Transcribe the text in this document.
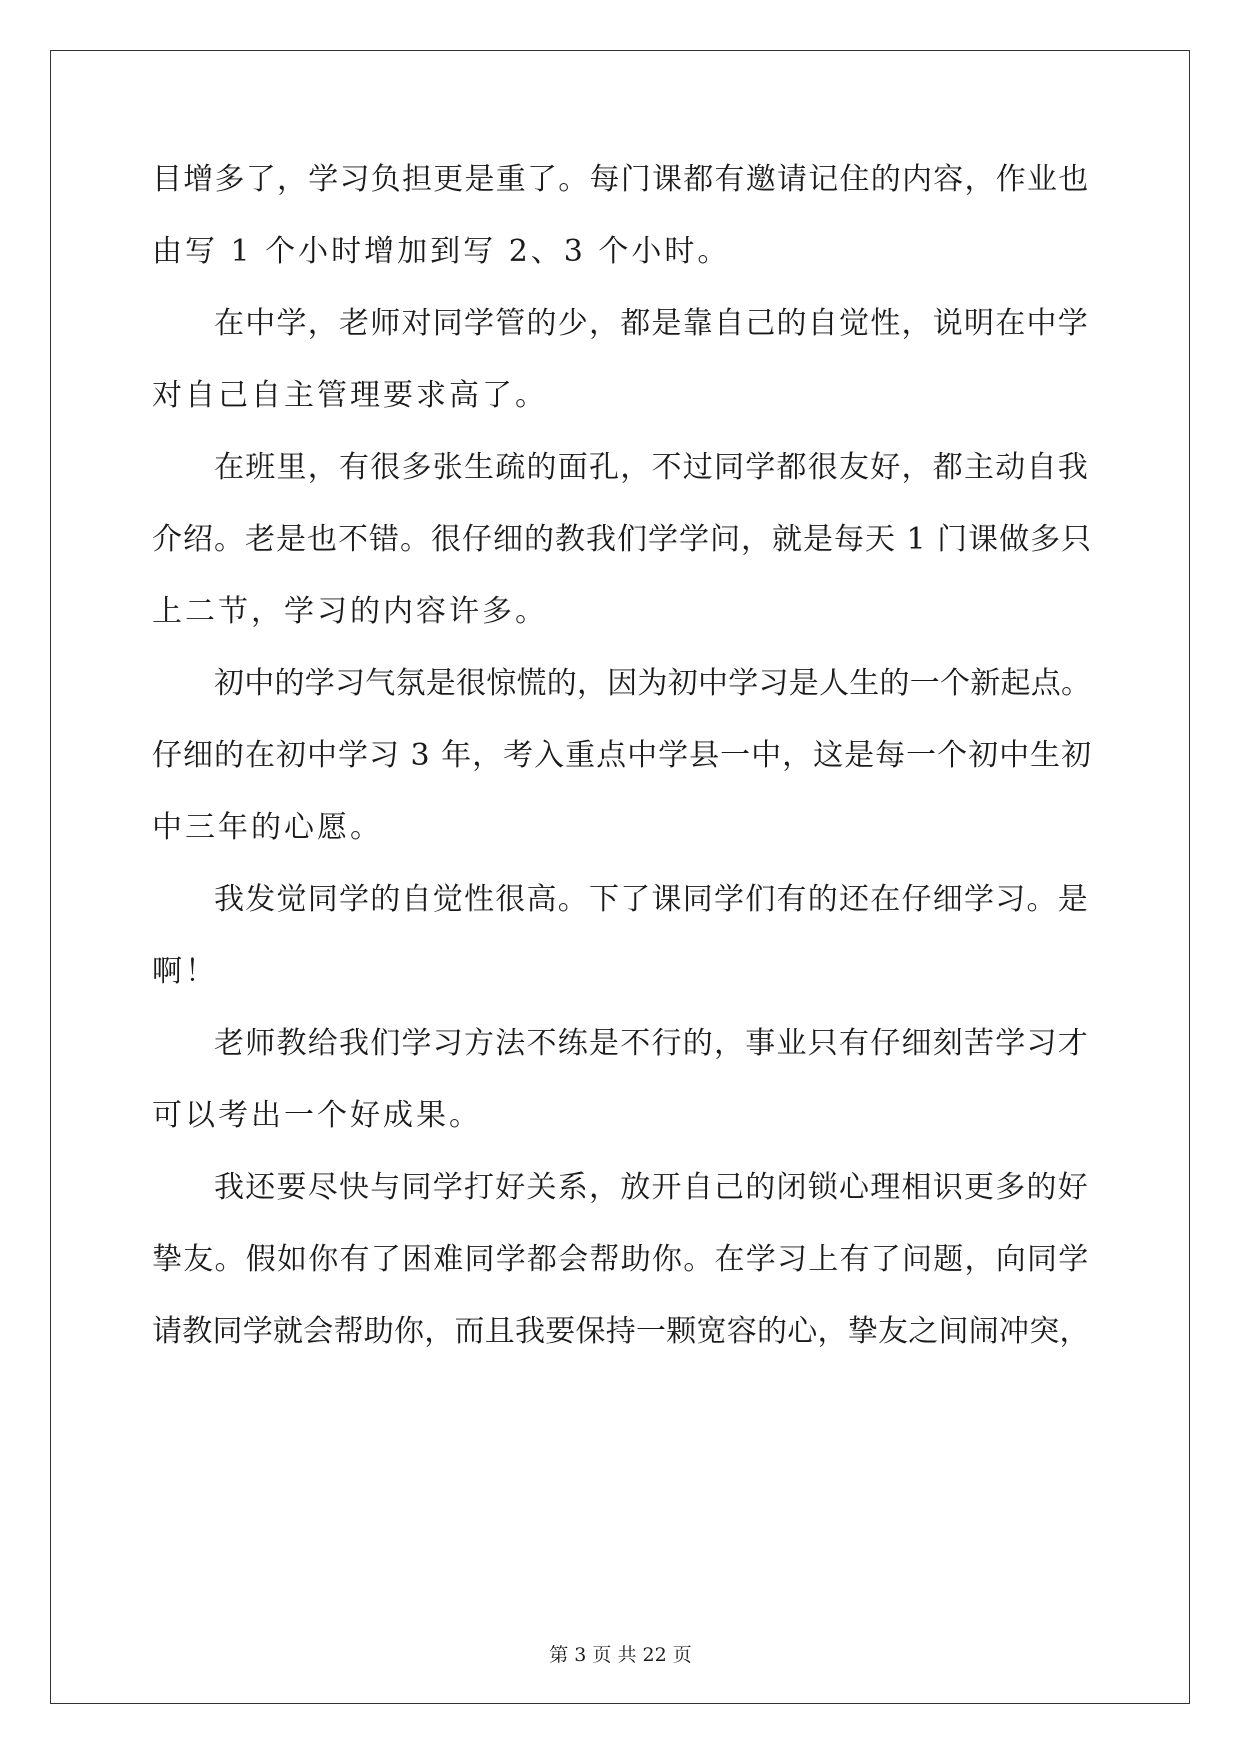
目增多了，学习负担更是重了。每门课都有邀请记住的内容，作业也
由写 1 个小时增加到写 2、3 个小时。
在中学，老师对同学管的少，都是靠自己的自觉性，说明在中学
对自己自主管理要求高了。
在班里，有很多张生疏的面孔，不过同学都很友好，都主动自我
介绍。老是也不错。很仔细的教我们学学问，就是每天 1 门课做多只
上二节，学习的内容许多。
初中的学习气氛是很惊慌的，因为初中学习是人生的一个新起点。
仔细的在初中学习 3 年，考入重点中学县一中，这是每一个初中生初
中三年的心愿。
我发觉同学的自觉性很高。下了课同学们有的还在仔细学习。是
啊！
老师教给我们学习方法不练是不行的，事业只有仔细刻苦学习才
可以考出一个好成果。
我还要尽快与同学打好关系，放开自己的闭锁心理相识更多的好
挚友。假如你有了困难同学都会帮助你。在学习上有了问题，向同学
请教同学就会帮助你，而且我要保持一颗宽容的心，挚友之间闹冲突，
第 3 页 共 22 页
